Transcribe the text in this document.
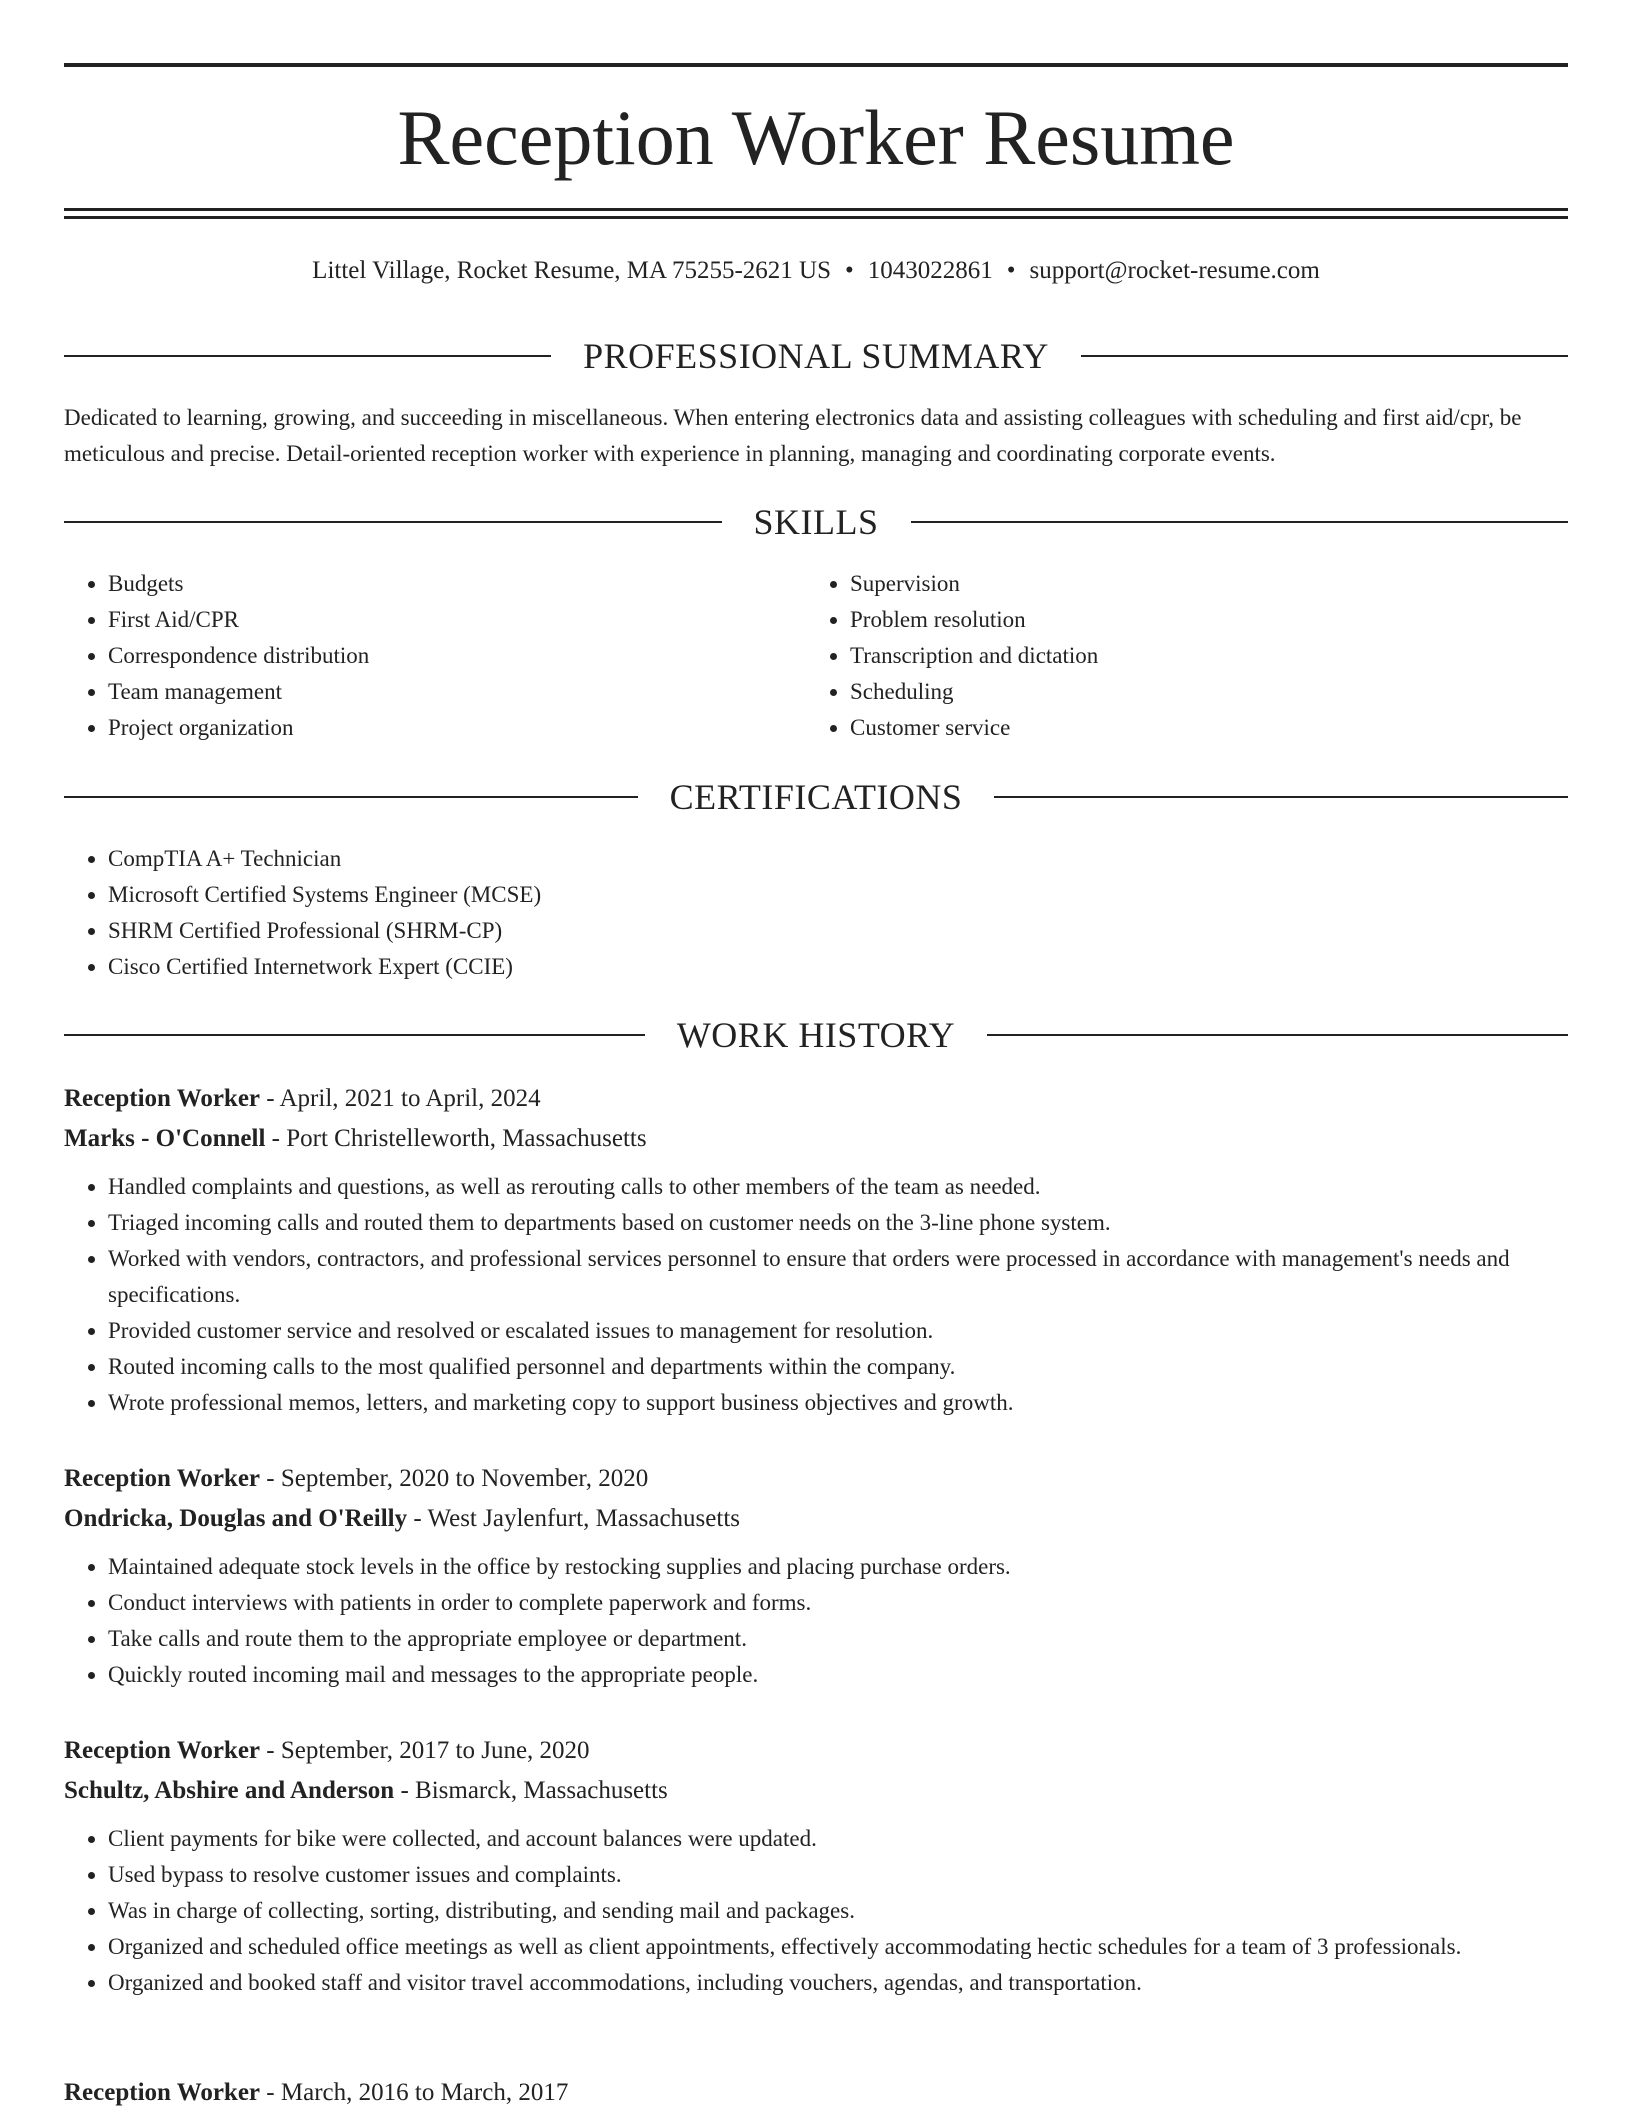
Reception Worker Resume
Littel Village, Rocket Resume, MA 75255-2621 US • 1043022861 • support@rocket-resume.com
PROFESSIONAL SUMMARY

Dedicated to learning, growing, and succeeding in miscellaneous. When entering electronics data and assisting colleagues with scheduling and first aid/cpr, be meticulous and precise. Detail-oriented reception worker with experience in planning, managing and coordinating corporate events.

SKILLS
• Budgets
• First Aid/CPR
• Correspondence distribution
• Team management
• Project organization
• Supervision
• Problem resolution
• Transcription and dictation
• Scheduling
• Customer service
CERTIFICATIONS
• CompTIA A+ Technician
• Microsoft Certified Systems Engineer (MCSE)
• SHRM Certified Professional (SHRM-CP)
• Cisco Certified Internetwork Expert (CCIE)
WORK HISTORY
Reception Worker - April, 2021 to April, 2024
Marks - O'Connell - Port Christelleworth, Massachusetts
• Handled complaints and questions, as well as rerouting calls to other members of the team as needed.
• Triaged incoming calls and routed them to departments based on customer needs on the 3-line phone system.
• Worked with vendors, contractors, and professional services personnel to ensure that orders were processed in accordance with management's needs and specifications.
• Provided customer service and resolved or escalated issues to management for resolution.
• Routed incoming calls to the most qualified personnel and departments within the company.
• Wrote professional memos, letters, and marketing copy to support business objectives and growth.
Reception Worker - September, 2020 to November, 2020
Ondricka, Douglas and O'Reilly - West Jaylenfurt, Massachusetts
• Maintained adequate stock levels in the office by restocking supplies and placing purchase orders.
• Conduct interviews with patients in order to complete paperwork and forms.
• Take calls and route them to the appropriate employee or department.
• Quickly routed incoming mail and messages to the appropriate people.
Reception Worker - September, 2017 to June, 2020
Schultz, Abshire and Anderson - Bismarck, Massachusetts
• Client payments for bike were collected, and account balances were updated.
• Used bypass to resolve customer issues and complaints.
• Was in charge of collecting, sorting, distributing, and sending mail and packages.
• Organized and scheduled office meetings as well as client appointments, effectively accommodating hectic schedules for a team of 3 professionals.
• Organized and booked staff and visitor travel accommodations, including vouchers, agendas, and transportation.
Reception Worker - March, 2016 to March, 2017
